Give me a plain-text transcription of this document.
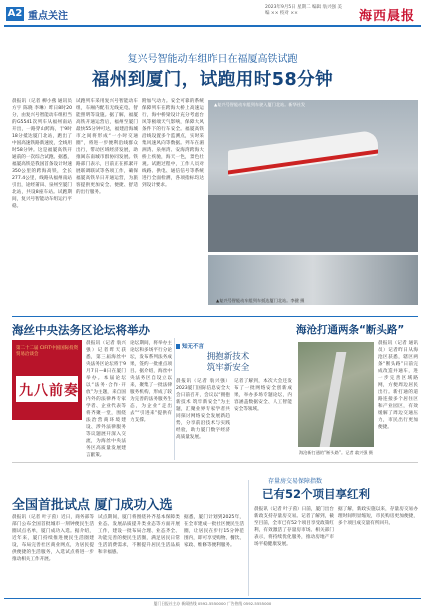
A2 重点关注
2023年9月5日 星期二 编辑 翁兴强 美编 ×× 校对 ××	海西晨报
复兴号智能动车组昨日在福厦高铁试跑
福州到厦门，试跑用时58分钟
晨报讯（记者 柳小燕 通讯员 方宇 陈晓 李琳）昨日8时20分，由复兴号智能动车组担当的G5541次列车从福州南站开出，一路穿山跨海，于9时18分抵达厦门北站，跑出了中国高速铁路新速度，全线用时58分钟。这是福厦高铁开通前的一次综合试跑。据悉，福厦高铁是我国首条设计时速350公里的跨海高铁，全长277.4公里，线路从福州南站引出，途经莆田、泉州至厦门北站，共设8座车站。试跑期间，复兴号智能动车组运行平稳。
试跑列车采用复兴号智能动车组，车厢内配有无线充电、智能照明等设施。据了解，福厦高铁开通运营后，福州至厦门最快55分钟可达，福建沿海城市之间将形成“一小时交通圈”，将进一步便利沿线群众出行，带动区域经济发展，助推闽东南城市群协同发展。铁路部门表示，目前正在抓紧开展联调联试等各项工作，确保福厦高铁早日开通运营，为旅客提供更加安全、便捷、舒适的出行服务。
附加气动力。安全可靠的系统保障列车在跨海大桥上高速运行，海中桥梁设计充分考虑台风等极端天气影响，保障大风条件下的行车安全。福厦高铁沿线设置多个监测点，实时采集风速风向等数据。列车在湄洲湾、泉州湾、安海湾跨海大桥上疾驰，海天一色，景色壮观。试跑过程中，工作人员对线路、供电、通信信号等系统进行全面检测，各项指标均达到设计要求。
▲复兴号智能动车组列车驶入厦门北站。新华社发
▲复兴号智能动车组列车抵达厦门北站。李健 摄
海丝中央法务区论坛将举办
第二十二届 CIFIT中国国际投资贸易洽谈会
九八前奏
晨报讯（记者 翁兴强）记者昨天获悉，第三届海丝中央法务区论坛将于9月7日—8日在厦门举办。本届论坛以“法务·合作·开放”为主题，来自国内外的法律界专家学者、企业代表等将齐聚一堂，围绕法治营商环境建设、涉外法律服务等议题展开深入交流，为海丝中央法务区高质量发展建言献策。
论坛期间，将举办主论坛和多场平行分论坛，发布系列法务成果，签约一批重点项目。据介绍，海丝中央法务区自设立以来，聚集了一批法律服务机构，形成了较为完善的法务服务生态，为企业“走出去”“引进来”提供有力支撑。
知无不言
拥抱新技术
筑牢新安全
晨报讯（记者 翁兴强）2023厦门国际信息安全大会日前召开，会议以“拥抱新技术 筑牢新安全”为主题，汇聚业界专家学者共同探讨网络安全发展新趋势，分享前沿技术与实践经验，助力厦门数字经济高质量发展。
记者了解到，本次大会还发布了一批网络安全创新成果，举办多场专题论坛，内容涵盖数据安全、人工智能安全等领域。
海沧打通两条“断头路”
海沧新打通的“断头路”。记者 翁兴强 摄
晨报讯（记者 通讯员）记者昨日从海沧区获悉，辖区两条“断头路”日前完成改造并通车，进一步完善区域路网，方便周边居民出行。新打通的道路连接多个居住区和产业园区，有效缓解了周边交通压力，市民出行更加便捷。
全国首批试点 厦门成功入选
晨报讯（记者 叶子茵）近日，商务部等部门公布全国首批城市一刻钟便民生活圈试点名单，厦门成功入选。据介绍，近年来，厦门持续推进便民生活圈建设，布局完善社区商业网点，为居民提供便捷的生活服务，入选试点将进一步推动相关工作开展。
试点期间，厦门将围绕补齐基本保障类业态、发展品质提升类业态等方面开展工作，建设一批布局合理、业态齐全、功能完善的便民生活圈，满足居民日常生活消费需求，不断提升居民生活品质和幸福感。
据悉，厦门计划到2025年，在全市建成一批社区便民生活圈，让居民在步行15分钟范围内，即可享受购物、餐饮、家政、维修等便利服务。
存量房交易保障指数
已有52个项目享红利
晨报讯（记者 叶子茵）日前，厦门出台新政支持存量房交易。记者了解到，截至目前，全市已有52个项目享受政策红利，有效激活了存量房市场。相关部门表示，将持续优化服务，推动房地产市场平稳健康发展。
据了解，新政实施以来，存量房交易办理时间明显缩短，市民购房更加便捷，多个项目成交量有所回升。
厦门日报社主办 新闻热线 0592-5550000 广告热线 0592-5555000
